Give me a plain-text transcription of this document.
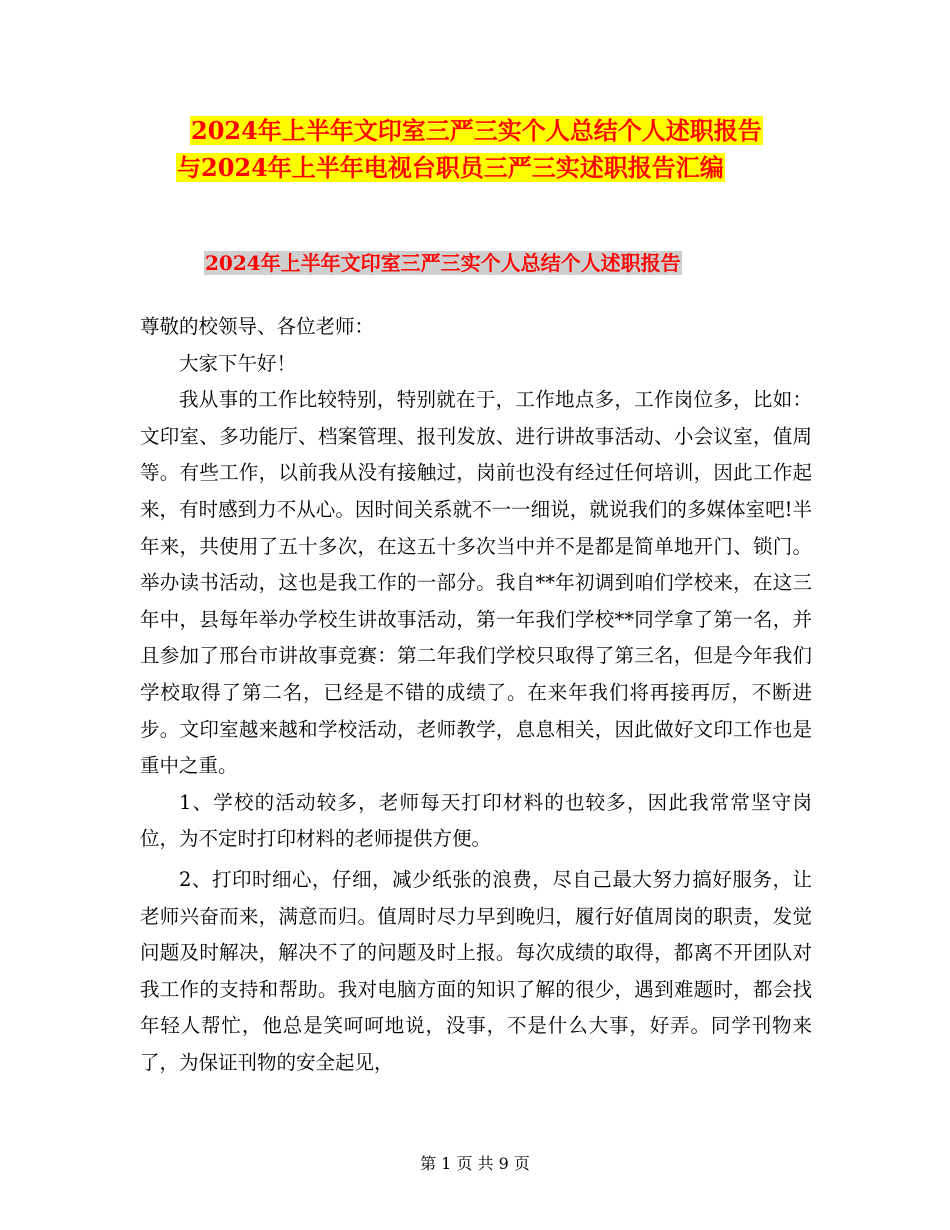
2024年上半年文印室三严三实个人总结个人述职报告
与2024年上半年电视台职员三严三实述职报告汇编
2024年上半年文印室三严三实个人总结个人述职报告

尊敬的校领导、各位老师：

大家下午好！

我从事的工作比较特别，特别就在于，工作地点多，工作岗位多，比如：文印室、多功能厅、档案管理、报刊发放、进行讲故事活动、小会议室，值周等。有些工作，以前我从没有接触过，岗前也没有经过任何培训，因此工作起来，有时感到力不从心。因时间关系就不一一细说，就说我们的多媒体室吧!半年来，共使用了五十多次，在这五十多次当中并不是都是简单地开门、锁门。举办读书活动，这也是我工作的一部分。我自**年初调到咱们学校来，在这三年中，县每年举办学校生讲故事活动，第一年我们学校**同学拿了第一名，并且参加了邢台市讲故事竞赛：第二年我们学校只取得了第三名，但是今年我们学校取得了第二名，已经是不错的成绩了。在来年我们将再接再厉，不断进步。文印室越来越和学校活动，老师教学，息息相关，因此做好文印工作也是重中之重。

1、学校的活动较多，老师每天打印材料的也较多，因此我常常坚守岗位，为不定时打印材料的老师提供方便。

2、打印时细心，仔细，减少纸张的浪费，尽自己最大努力搞好服务，让老师兴奋而来，满意而归。值周时尽力早到晚归，履行好值周岗的职责，发觉问题及时解决，解决不了的问题及时上报。每次成绩的取得，都离不开团队对我工作的支持和帮助。我对电脑方面的知识了解的很少，遇到难题时，都会找年轻人帮忙，他总是笑呵呵地说，没事，不是什么大事，好弄。同学刊物来了，为保证刊物的安全起见，

第 1 页 共 9 页
